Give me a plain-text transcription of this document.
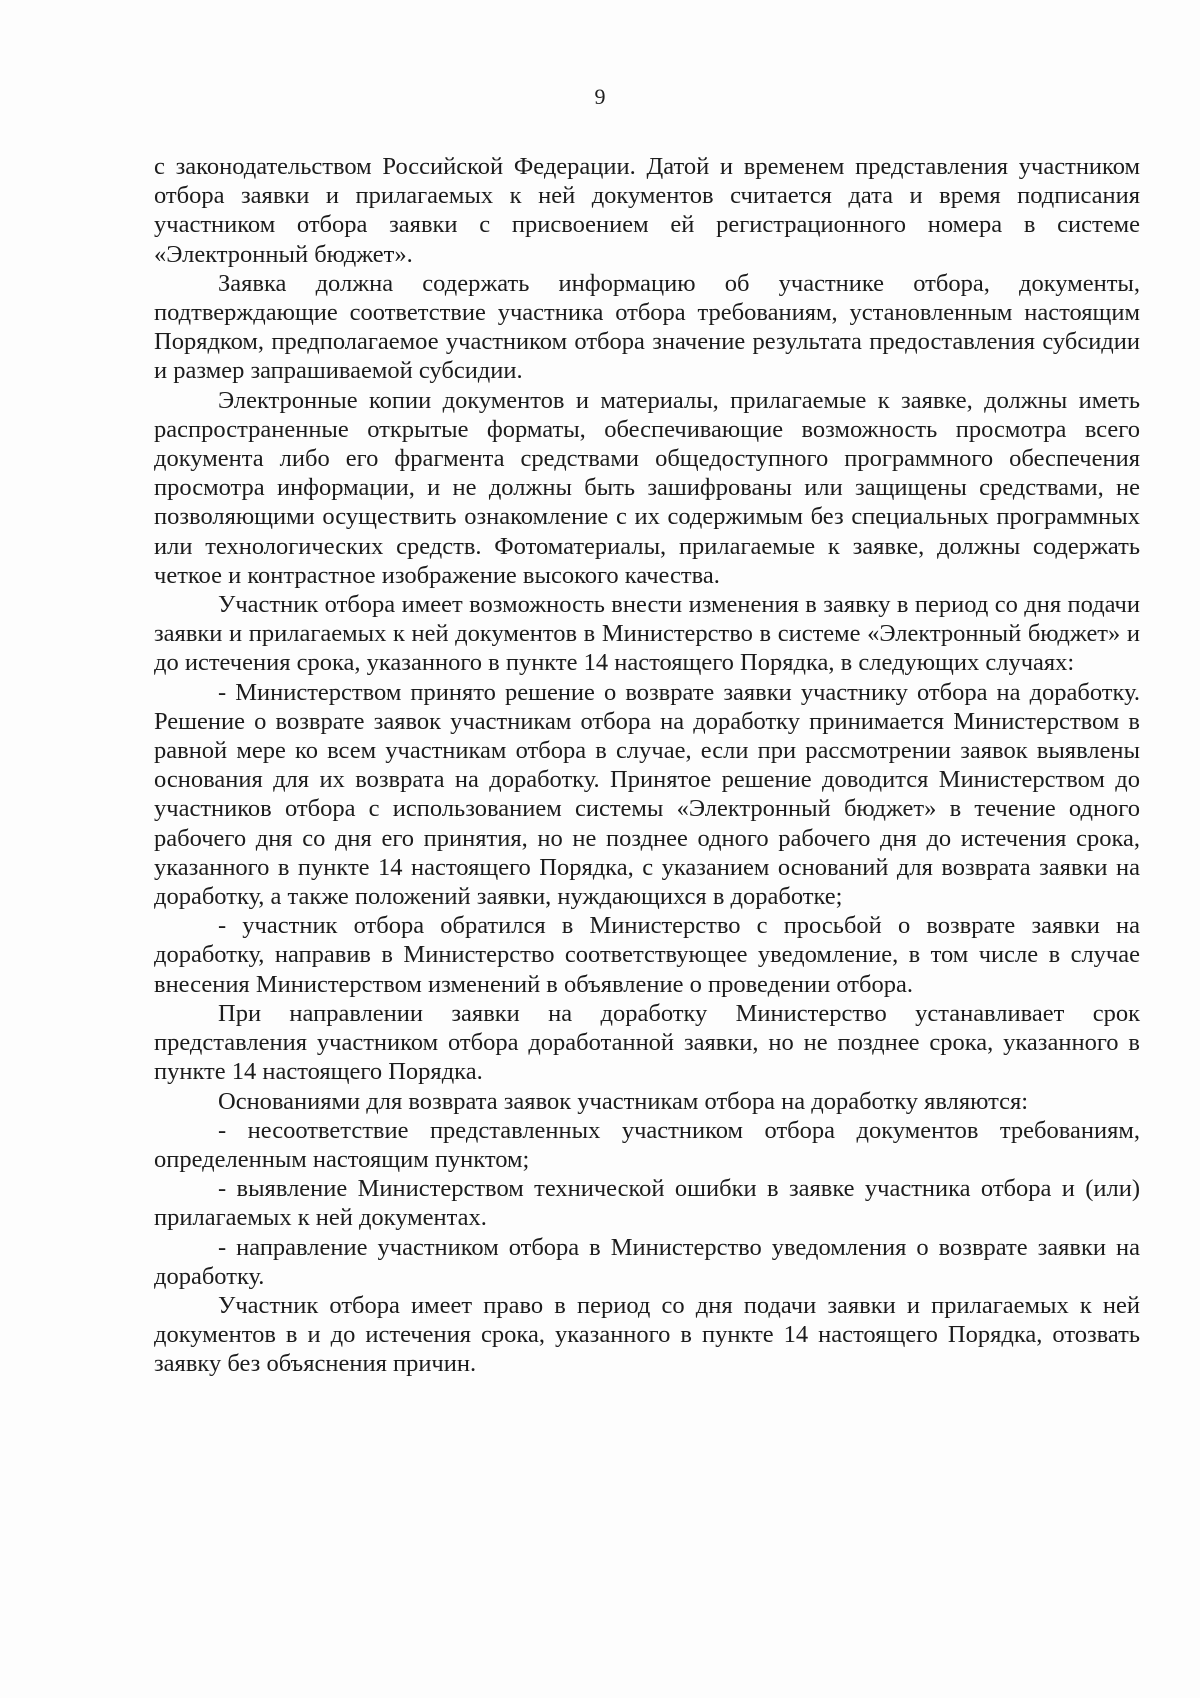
9

с законодательством Российской Федерации. Датой и временем представления участником отбора заявки и прилагаемых к ней документов считается дата и время подписания участником отбора заявки с присвоением ей регистрационного номера в системе «Электронный бюджет».

Заявка должна содержать информацию об участнике отбора, документы, подтверждающие соответствие участника отбора требованиям, установленным настоящим Порядком, предполагаемое участником отбора значение результата предоставления субсидии и размер запрашиваемой субсидии.

Электронные копии документов и материалы, прилагаемые к заявке, должны иметь распространенные открытые форматы, обеспечивающие возможность просмотра всего документа либо его фрагмента средствами общедоступного программного обеспечения просмотра информации, и не должны быть зашифрованы или защищены средствами, не позволяющими осуществить ознакомление с их содержимым без специальных программных или технологических средств. Фотоматериалы, прилагаемые к заявке, должны содержать четкое и контрастное изображение высокого качества.

Участник отбора имеет возможность внести изменения в заявку в период со дня подачи заявки и прилагаемых к ней документов в Министерство в системе «Электронный бюджет» и до истечения срока, указанного в пункте 14 настоящего Порядка, в следующих случаях:

- Министерством принято решение о возврате заявки участнику отбора на доработку. Решение о возврате заявок участникам отбора на доработку принимается Министерством в равной мере ко всем участникам отбора в случае, если при рассмотрении заявок выявлены основания для их возврата на доработку. Принятое решение доводится Министерством до участников отбора с использованием системы «Электронный бюджет» в течение одного рабочего дня со дня его принятия, но не позднее одного рабочего дня до истечения срока, указанного в пункте 14 настоящего Порядка, с указанием оснований для возврата заявки на доработку, а также положений заявки, нуждающихся в доработке;

- участник отбора обратился в Министерство с просьбой о возврате заявки на доработку, направив в Министерство соответствующее уведомление, в том числе в случае внесения Министерством изменений в объявление о проведении отбора.

При направлении заявки на доработку Министерство устанавливает срок представления участником отбора доработанной заявки, но не позднее срока, указанного в пункте 14 настоящего Порядка.

Основаниями для возврата заявок участникам отбора на доработку являются:

- несоответствие представленных участником отбора документов требованиям, определенным настоящим пунктом;

- выявление Министерством технической ошибки в заявке участника отбора и (или) прилагаемых к ней документах.

- направление участником отбора в Министерство уведомления о возврате заявки на доработку.

Участник отбора имеет право в период со дня подачи заявки и прилагаемых к ней документов в и до истечения срока, указанного в пункте 14 настоящего Порядка, отозвать заявку без объяснения причин.
